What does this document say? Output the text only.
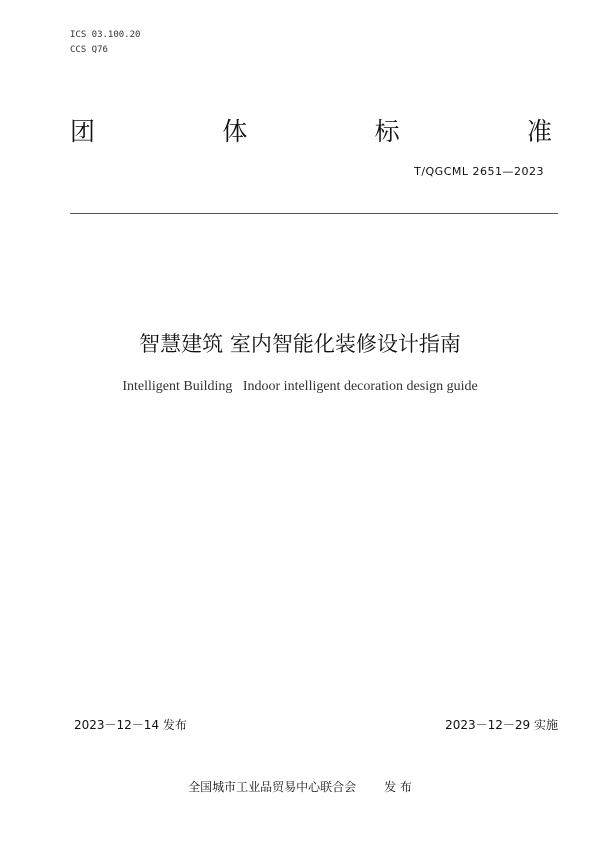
ICS 03.100.20
CCS Q76
团	体	标	准
T/QGCML 2651—2023
智慧建筑 室内智能化装修设计指南
Intelligent Building   Indoor intelligent decoration design guide
2023－12－14 发布	2023－12－29 实施
全国城市工业品贸易中心联合会 发 布
